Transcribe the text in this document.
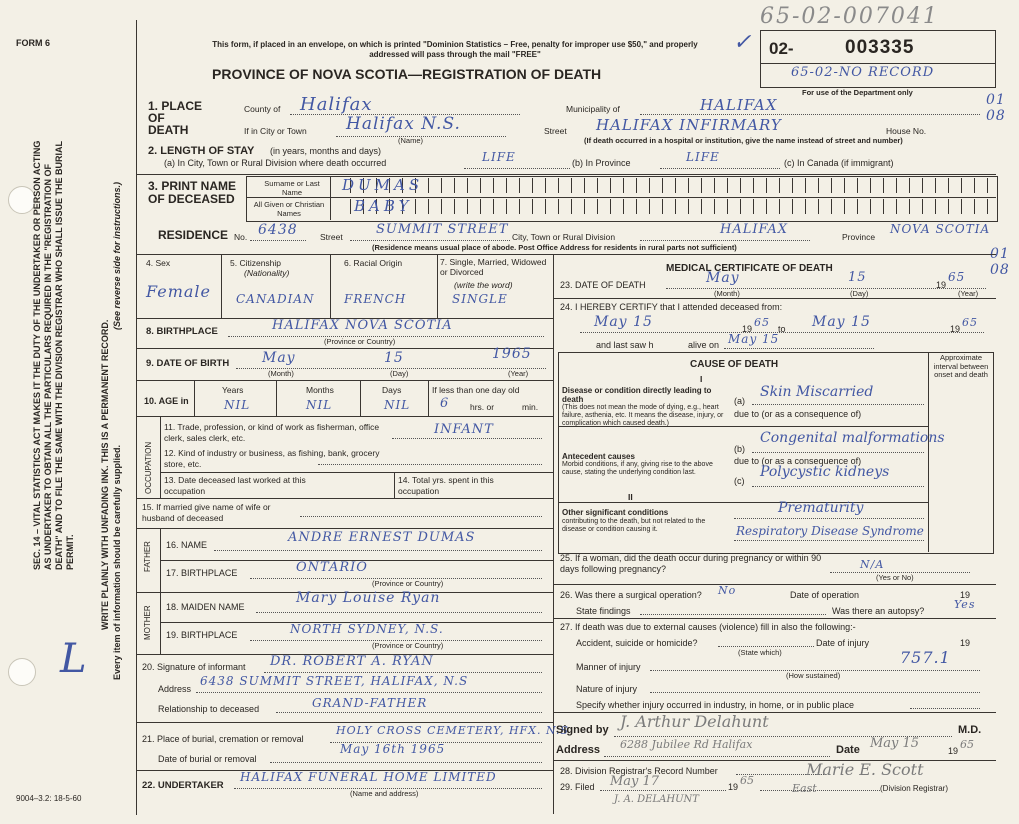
FORM 6
65-02-007041
This form, if placed in an envelope, on which is printed "Dominion Statistics – Free, penalty for improper use $50," and properly addressed will pass through the mail "FREE"
PROVINCE OF NOVA SCOTIA—REGISTRATION OF DEATH
✓ 02-	003335
65-02-NO RECORD
For use of the Department only	01 08
01 08
SEC. 14 – VITAL STATISTICS ACT MAKES IT THE DUTY OF THE UNDERTAKER OR PERSON ACTING AS UNDERTAKER TO OBTAIN ALL THE PARTICULARS REQUIRED IN THE "REGISTRATION OF DEATH" AND TO FILE THE SAME WITH THE DIVISION REGISTRAR WHO SHALL ISSUE THE BURIAL PERMIT.	WRITE PLAINLY WITH UNFADING INK. THIS IS A PERMANENT RECORD.
(See reverse side for instructions.)
Every item of information should be carefully supplied.
L
1. PLACE OF DEATH
County of Halifax	Municipality of	HALIFAX
If in City or Town Halifax N.S.
(Name)
Street HALIFAX INFIRMARY	House No.
(If death occurred in a hospital or institution, give the name instead of street and number)
2. LENGTH OF STAY (in years, months and days)
(a) In City, Town or Rural Division where death occurred	LIFE	(b) In Province	LIFE	(c) In Canada (if immigrant)
3. PRINT NAME OF DECEASED
Surname or Last Name
All Given or Christian Names
DUMAS
BABY
RESIDENCE No. 6438	Street	SUMMIT STREET City, Town or Rural Division	HALIFAX	Province
NOVA SCOTIA
(Residence means usual place of abode. Post Office Address for residents in rural parts not sufficient)
4. Sex
Female
5. Citizenship
(Nationality)
CANADIAN
6. Racial Origin
FRENCH
7. Single, Married, Widowed or Divorced
(write the word)
SINGLE
8. BIRTHPLACE	HALIFAX NOVA SCOTIA
(Province or Country)
9. DATE OF BIRTH May	15	1965
(Month)	(Day)	(Year)
10. AGE in
Years
NIL
Months
NIL
Days
NIL
If less than one day old
6 hrs. or	min.
OCCUPATION
11. Trade, profession, or kind of work as fisherman, office clerk, sales clerk, etc.
INFANT
12. Kind of industry or business, as fishing, bank, grocery store, etc.
13. Date deceased last worked at this occupation
14. Total yrs. spent in this occupation
15. If married give name of wife or husband of deceased
FATHER 16. NAME	ANDRE ERNEST DUMAS
17. BIRTHPLACE	ONTARIO
(Province or Country)
MOTHER 18. MAIDEN NAME
Mary Louise Ryan
19. BIRTHPLACE	NORTH SYDNEY, N.S.
(Province or Country)
20. Signature of informant DR. ROBERT A. RYAN
Address
6438 SUMMIT STREET, HALIFAX, N.S
Relationship to deceased	GRAND-FATHER
21. Place of burial, cremation or removal
HOLY CROSS CEMETERY, HFX. N.S
Date of burial or removal
May 16th 1965
22. UNDERTAKER
HALIFAX FUNERAL HOME LIMITED
(Name and address)
9004–3.2: 18-5-60
MEDICAL CERTIFICATE OF DEATH
23. DATE OF DEATH	May	15	19
65
(Month)	(Day)	(Year)
24. I HEREBY CERTIFY that I attended deceased from:
May 15	19 65 to May 15	19 65
and last saw h	alive on May 15
CAUSE OF DEATH
Approximate interval between onset and death
I
Disease or condition directly leading to death
(This does not mean the mode of dying, e.g., heart failure, asthenia, etc. It means the disease, injury, or complication which caused death.)
(a)
Skin Miscarried
due to (or as a consequence of)
(b)
Congenital malformations
Antecedent causes
Morbid conditions, if any, giving rise to the above cause, stating the underlying condition last.
due to (or as a consequence of)
(c)
Polycystic kidneys
II
Other significant conditions
contributing to the death, but not related to the disease or condition causing it.
Prematurity
Respiratory Disease Syndrome
25. If a woman, did the death occur during pregnancy or within 90 days following pregnancy?	N/A
(Yes or No)
26. Was there a surgical operation? No	Date of operation	19
State findings	Was there an autopsy?	Yes
27. If death was due to external causes (violence) fill in also the following:-
Accident, suicide or homicide?	Date of injury	19
(State which)
Manner of injury	757.1
(How sustained)
Nature of injury
Specify whether injury occurred in industry, in home, or in public place
Signed by J. Arthur Delahunt	M.D.
Address 6288 Jubilee Rd Halifax	Date May 15	19 65
28. Division Registrar's Record Number	Marie E. Scott
29. Filed May 17	19 65
East	(Division Registrar)
J. A. DELAHUNT
